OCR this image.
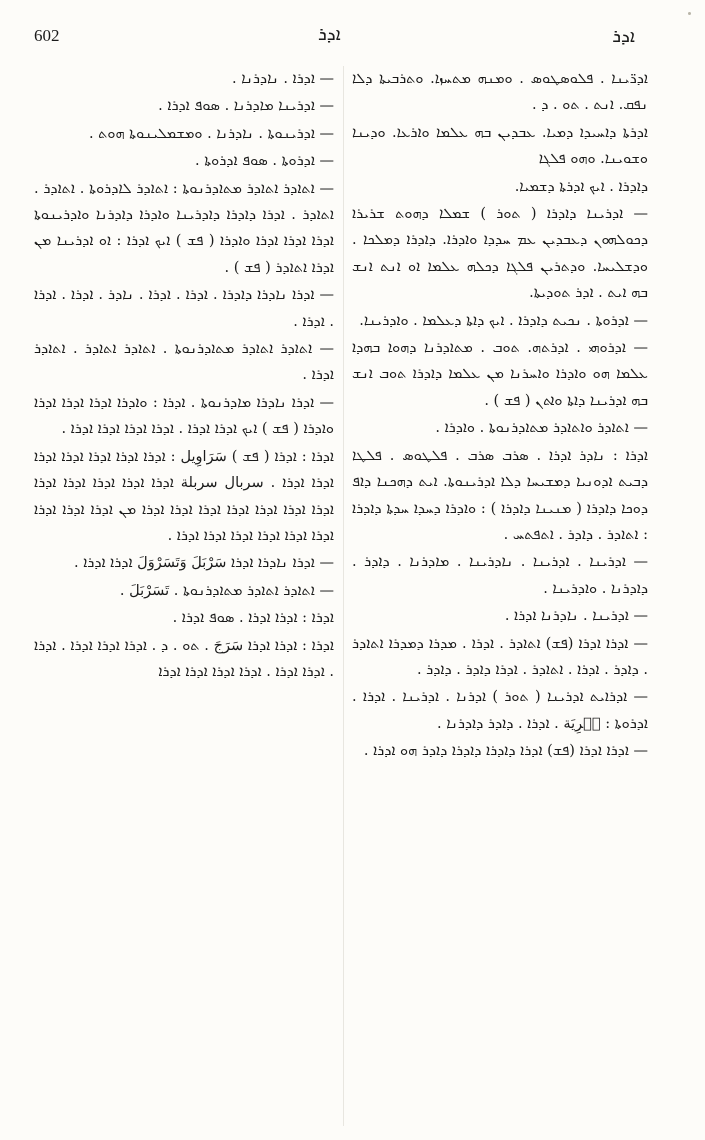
602	ܐܕܪ	ܐܕܪ

ܐܕܪ̈ܝܢܐ . ܦܠܘܣܛܘܣ . ܘܡܢܗ ܡܬܚܙܐ. ܘܬܪܒܝܬܐ ܕܠܐ ܢܦܩ. ܐܢܬ . ܬܘ . ܕ .

ܐܕܪܬܐ ܕܐܚܝܕܐ ܕܡܝܐ. ܥܒܕܝܢ ܒܗ ܥܠܡܐ ܘܐܪܥܐ. ܘܕܝܢܐ ܘܫܘܝܢܐ. ܘܗܘ ܦܠܓܐ

ܕܐܕܪܐ . ܐܝܟ ܐܕܪܬܐ ܕܫܡܝܐ.

— ܐܕܪܝܢܐ ܕܐܕܪܐ ( ܬܘܪ ) ܫܡܠܐ ܕܗܘܬ ܫܪܝܪܐ ܕܟܘܠܗܘܢ ܕܥܒܕܝܢ ܥܡ ܚܕܕܐ ܘܐܕܪܐ. ܕܐܕܪܐ ܕܡܠܟܐ . ܘܕܫܠܝܚܐ. ܘܕܬܪܝܢ ܦܠܓܐ ܕܟܠܗ ܥܠܡܐ ܐܘ ܐܢܬ ܐܢܫ ܒܗ ܐܝܬ . ܐܕܪ ܬܘܕܝܬܐ.

— ܐܕܪܘܬܐ . ܢܟܝܬ ܕܐܕܪܐ . ܐܝܟ ܕܐܬܐ ܕܥܠܡܐ . ܘܐܕܪܝܢܐ.

— ܐܕܪܘܗܝ . ܐܕܪܬܗ. ܬܘܒ . ܡܬܐܕܪܢܐ ܕܗܘܐ ܒܗܕܐ ܥܠܡܐ ܗܘ ܘܐܕܪܐ ܘܐܚܪܢܐ ܡܢ ܥܠܡܐ ܕܐܕܪܐ ܬܘܒ ܐܢܫ ܒܗ ܐܕܪܝܢܐ ܕܐܬܐ ܘܐܬܢ ( ܦܫ ) .

— ܐܬܐܕܪ ܘܐܬܐܕܪ ܡܬܐܕܪܢܘܬܐ . ܘܐܕܪܐ .

ܐܕܪܐ : ܢܐܕܪ ܐܕܪܐ . ܣܪܒ ܣܪܒ . ܦܠܛܘܣ . ܦܠܛܐ ܕܒܝܬ ܐܕܘܢܝܐ ܕܡܫܝܚܐ ܕܠܐ ܐܕܪܝܢܘܬܐ. ܐܝܬ ܕܗܟܢܐ ܕܐܦ ܕܘܟܐ ܕܐܕܪܐ ( ܡܢܝܢܐ ܕܐܕܪܐ ) : ܘܐܕܪܐ ܕܚܕܐ ܚܕܬܐ ܕܐܕܪܐ : ܐܬܐܕܪ . ܕܐܕܪ . ܐܬܦܬܚ .

— ܐܕܪܝܢܐ . ܐܕܪܝܢܐ . ܢܐܕܪܝܢܐ . ܡܐܕܪܢܐ . ܕܐܕܪ . ܕܐܕܪܢܐ . ܘܐܕܪܝܢܐ .

— ܐܕܪܝܢܐ . ܢܐܕܪܢܐ ܐܕܪܐ .

— ܐܕܪܐ ܐܕܪܐ (ܦܫ) ܐܬܐܕܪ . ܐܕܪܐ . ܡܕܪܐ ܕܡܕܪܐ ܐܬܐܕܪ . ܕܐܕܪ . ܐܕܪܐ . ܐܬܐܕܪ . ܐܕܪܐ ܕܐܕܪ . ܕܐܕܪ .

— ܐܕܪܐܝܬ ܐܕܪܝܢܐ ( ܬܘܪ ) ܐܕܪܢܐ . ܐܕܪܝܢܐ . ܐܕܪܐ . ܐܕܪܘܬܐ : ܣُرِيَة . ܐܕܪܐ . ܕܐܕܪ ܕܐܕܪܢܐ .

— ܐܕܪܐ ܐܕܪܐ (ܦܫ) ܐܕܪܐ ܕܐܕܪܐ ܕܐܕܪܐ ܕܐܕܪ ܗܘ ܐܕܪܐ .

— ܐܕܪܐ . ܢܐܕܪܢܐ .

— ܐܕܪܝܢܐ ܡܐܕܪܢܐ . ܣܘܦ ܐܕܪܐ .

— ܐܕܪܝܢܘܬܐ . ܢܐܕܪܢܐ . ܘܡܫܡܠܝܢܘܬܐ ܗܘܬ .

— ܐܕܪܘܬܐ . ܣܘܦ ܐܕܪܘܬܐ .

— ܐܬܐܕܪ ܐܬܐܕܪ ܡܬܐܕܪܢܘܬܐ : ܐܬܐܕܪ ܠܐܕܪܘܬܐ . ܐܬܐܕܪ . ܐܬܐܕܪ . ܐܕܪܐ ܕܐܕܪܐ ܕܐܕܪܝܢܐ ܘܐܕܪܐ ܕܐܕܪܢܐ ܘܐܕܪܝܢܘܬܐ ܐܕܪܐ ܐܕܪܐ ܐܕܪܐ ܘܐܕܪܐ ( ܦܫ ) ܐܝܟ ܐܕܪܐ : ܐܘ ܐܕܪܝܢܐ ܡܢ ܐܕܪܐ ܐܬܐܕܪ ( ܦܫ ) .

— ܐܕܪܐ ܢܐܕܪܐ ܕܐܕܪܐ . ܐܕܪܐ . ܐܕܪܐ . ܢܐܕܪ . ܐܕܪܐ . ܐܕܪܐ . ܐܕܪܐ .

— ܐܬܐܕܪ ܐܬܐܕܪ ܡܬܐܕܪܢܘܬܐ . ܐܬܐܕܪ ܐܬܐܕܪ . ܐܬܐܕܪ ܐܕܪܐ .

— ܐܕܪܐ ܢܐܕܪܐ ܡܐܕܪܢܘܬܐ . ܐܕܪܐ : ܘܐܕܪܐ ܐܕܪܐ ܐܕܪܐ ܐܕܪܐ ܘܐܕܪܐ ( ܦܫ ) ܐܝܟ ܐܕܪܐ ܐܕܪܐ . ܐܕܪܐ ܐܕܪܐ ܐܕܪܐ ܐܕܪܐ .

ܐܕܪܐ : ܐܕܪܐ ( ܦܫ ) سَرَاوِيل : ܐܕܪܐ ܐܕܪܐ ܐܕܪܐ ܐܕܪܐ ܐܕܪܐ ܐܕܪܐ ܐܕܪܐ . سربال سربلة ܐܕܪܐ ܐܕܪܐ ܐܕܪܐ ܐܕܪܐ ܐܕܪܐ ܐܕܪܐ ܐܕܪܐ ܐܕܪܐ ܐܕܪܐ ܐܕܪܐ ܐܕܪܐ ܐܕܪܐ ܡܢ ܐܕܪܐ ܐܕܪܐ ܐܕܪܐ ܐܕܪܐ ܐܕܪܐ ܐܕܪܐ ܐܕܪܐ ܐܕܪܐ ܐܕܪܐ .

— ܐܕܪܐ ܢܐܕܪܐ ܐܕܪܐ سَرْبَلَ وَتَسَرْوَلَ ܐܕܪܐ ܐܕܪܐ .

— ܐܬܐܕܪ ܐܬܐܕܪ ܡܬܐܕܪܢܘܬܐ . تَسَرْبَلَ .

ܐܕܪܐ : ܐܕܪܐ ܐܕܪܐ . ܣܘܦ ܐܕܪܐ .

ܐܕܪܐ : ܐܕܪܐ ܐܕܪܐ سَرَجَ . ܬܘ . ܕ . ܐܕܪܐ ܐܕܪܐ ܐܕܪܐ . ܐܕܪܐ . ܐܕܪܐ ܐܕܪܐ . ܐܕܪܐ ܐܕܪܐ ܐܕܪܐ ܐܕܪܐ
